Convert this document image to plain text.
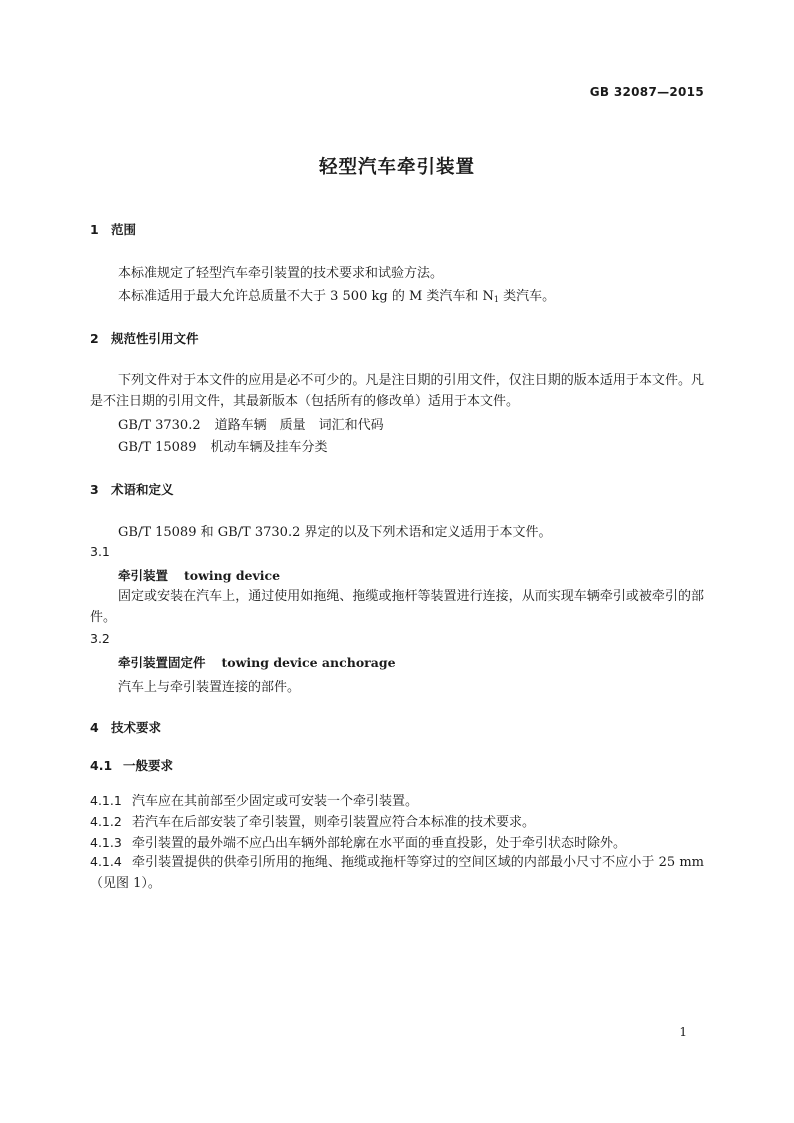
GB 32087—2015
轻型汽车牵引装置
1 范围
本标准规定了轻型汽车牵引装置的技术要求和试验方法。
本标准适用于最大允许总质量不大于 3 500 kg 的 M 类汽车和 $N_1$ 类汽车。
2 规范性引用文件
下列文件对于本文件的应用是必不可少的。凡是注日期的引用文件，仅注日期的版本适用于本文件。凡是不注日期的引用文件，其最新版本（包括所有的修改单）适用于本文件。
GB/T 3730.2 道路车辆　质量　词汇和代码
GB/T 15089 机动车辆及挂车分类
3 术语和定义
GB/T 15089 和 GB/T 3730.2 界定的以及下列术语和定义适用于本文件。
3.1
牵引装置 towing device
固定或安装在汽车上，通过使用如拖绳、拖缆或拖杆等装置进行连接，从而实现车辆牵引或被牵引的部件。
3.2
牵引装置固定件 towing device anchorage
汽车上与牵引装置连接的部件。
4 技术要求
4.1 一般要求
4.1.1 汽车应在其前部至少固定或可安装一个牵引装置。
4.1.2 若汽车在后部安装了牵引装置，则牵引装置应符合本标准的技术要求。
4.1.3 牵引装置的最外端不应凸出车辆外部轮廓在水平面的垂直投影，处于牵引状态时除外。
4.1.4 牵引装置提供的供牵引所用的拖绳、拖缆或拖杆等穿过的空间区域的内部最小尺寸不应小于 25 mm（见图 1）。
1
